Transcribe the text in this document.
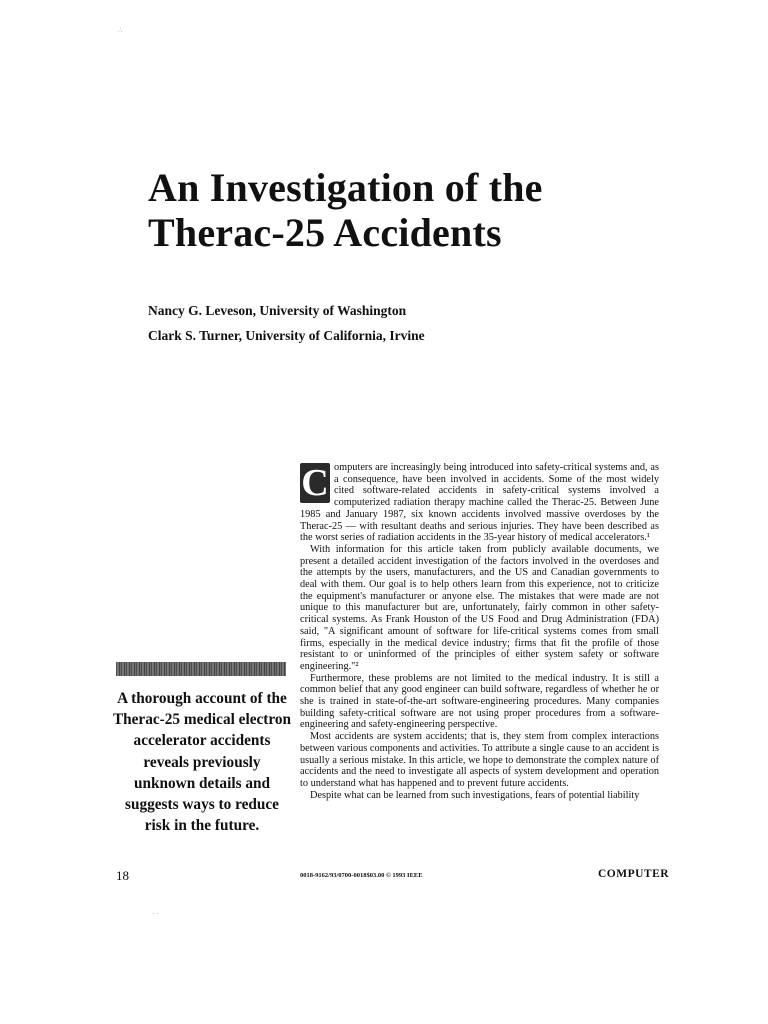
∴
· ·
An Investigation of the
Therac-25 Accidents
Nancy G. Leveson, University of Washington
Clark S. Turner, University of California, Irvine

C omputers are increasingly being introduced into safety-critical systems and, as a consequence, have been involved in accidents. Some of the most widely cited software-related accidents in safety-critical systems involved a computerized radiation therapy machine called the Therac-25. Between June 1985 and January 1987, six known accidents involved massive overdoses by the Therac-25 — with resultant deaths and serious injuries. They have been described as the worst series of radiation accidents in the 35-year history of medical accelerators.¹

With information for this article taken from publicly available documents, we present a detailed accident investigation of the factors involved in the overdoses and the attempts by the users, manufacturers, and the US and Canadian governments to deal with them. Our goal is to help others learn from this experience, not to criticize the equipment's manufacturer or anyone else. The mistakes that were made are not unique to this manufacturer but are, unfortunately, fairly common in other safety-critical systems. As Frank Houston of the US Food and Drug Administration (FDA) said, "A significant amount of software for life-critical systems comes from small firms, especially in the medical device industry; firms that fit the profile of those resistant to or uninformed of the principles of either system safety or software engineering."²

Furthermore, these problems are not limited to the medical industry. It is still a common belief that any good engineer can build software, regardless of whether he or she is trained in state-of-the-art software-engineering procedures. Many companies building safety-critical software are not using proper procedures from a software-engineering and safety-engineering perspective.

Most accidents are system accidents; that is, they stem from complex interactions between various components and activities. To attribute a single cause to an accident is usually a serious mistake. In this article, we hope to demonstrate the complex nature of accidents and the need to investigate all aspects of system development and operation to understand what has happened and to prevent future accidents.

Despite what can be learned from such investigations, fears of potential liability

A thorough account of the Therac-25 medical electron accelerator accidents reveals previously unknown details and suggests ways to reduce risk in the future.
18	0018-9162/93/0700-0018$03.00 © 1993 IEEE	COMPUTER
